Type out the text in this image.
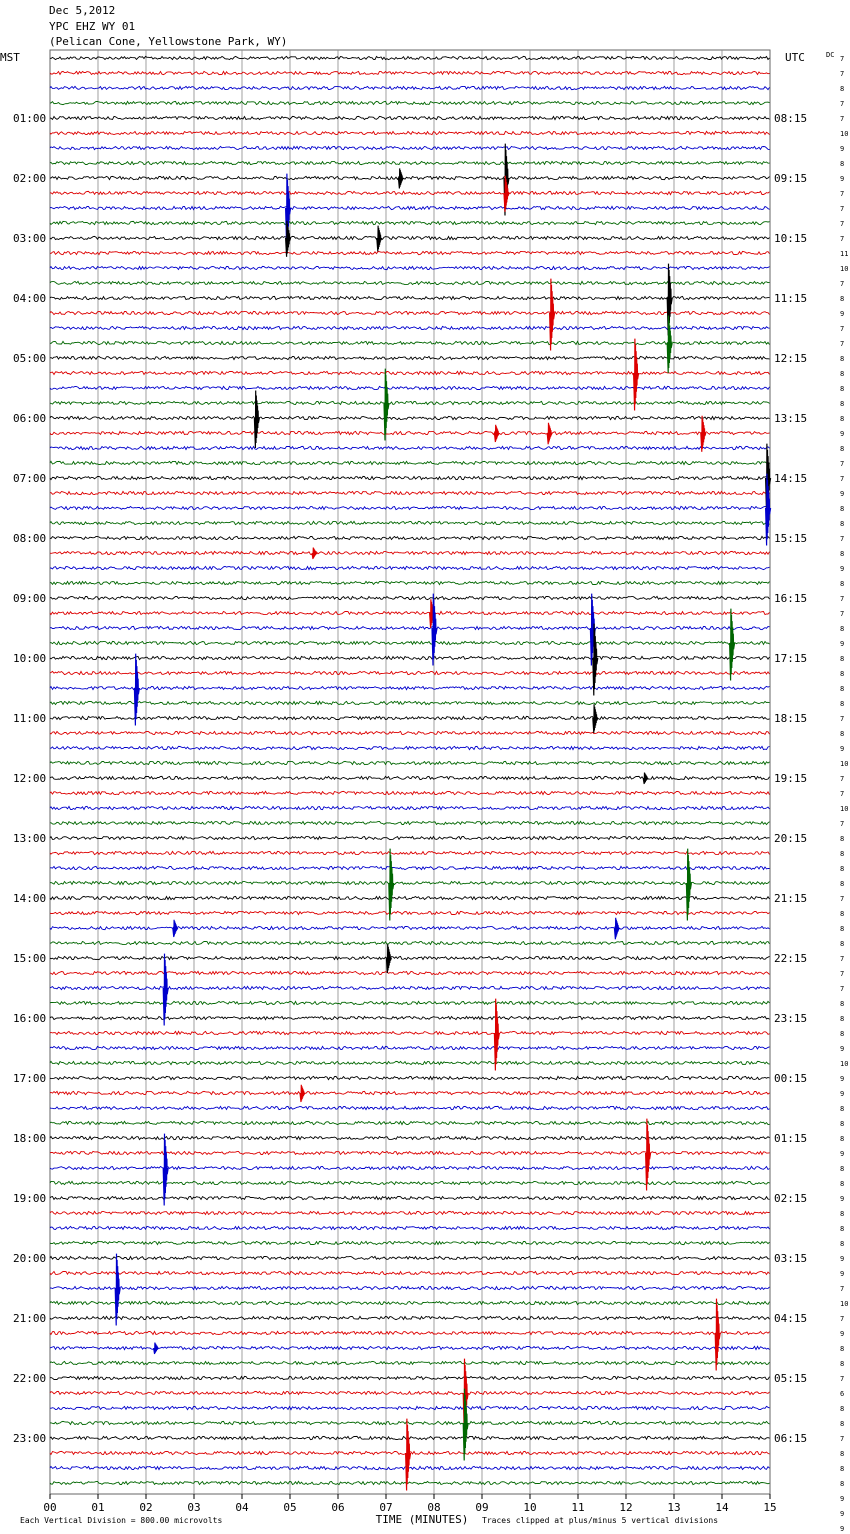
Dec 5,2012
YPC EHZ WY 01
(Pelican Cone, Yellowstone Park, WY)
MST	UTC	DC
01:00
02:00
03:00
04:00
05:00
06:00
07:00
08:00
09:00
10:00
11:00
12:00
13:00
14:00
15:00
16:00
17:00
18:00
19:00
20:00
21:00
22:00
23:00
08:15
09:15
10:15
11:15
12:15
13:15
14:15
15:15
16:15
17:15
18:15
19:15
20:15
21:15
22:15
23:15
00:15
01:15
02:15
03:15
04:15
05:15
06:15
7
7
8
7
7
10
9
8
9
7
7
7
7
11
10
7
8
9
7
7
8
8
8
8
8
9
8
7
7
9
8
8
7
8
9
8
7
7
8
9
8
8
8
8
7
8
9
10
7
7
10
7
8
8
8
8
7
8
8
8
7
7
7
8
8
8
9
10
9
9
8
8
8
9
8
8
9
8
8
8
9
9
7
10
7
9
8
8
7
6
8
8
7
8
8
8
9
9
9
00	01	02	03	04	05	06	07	08	09	10	11	12	13	14	15
TIME (MINUTES)
Each Vertical Division = 800.00 microvolts	Traces clipped at plus/minus 5 vertical divisions
